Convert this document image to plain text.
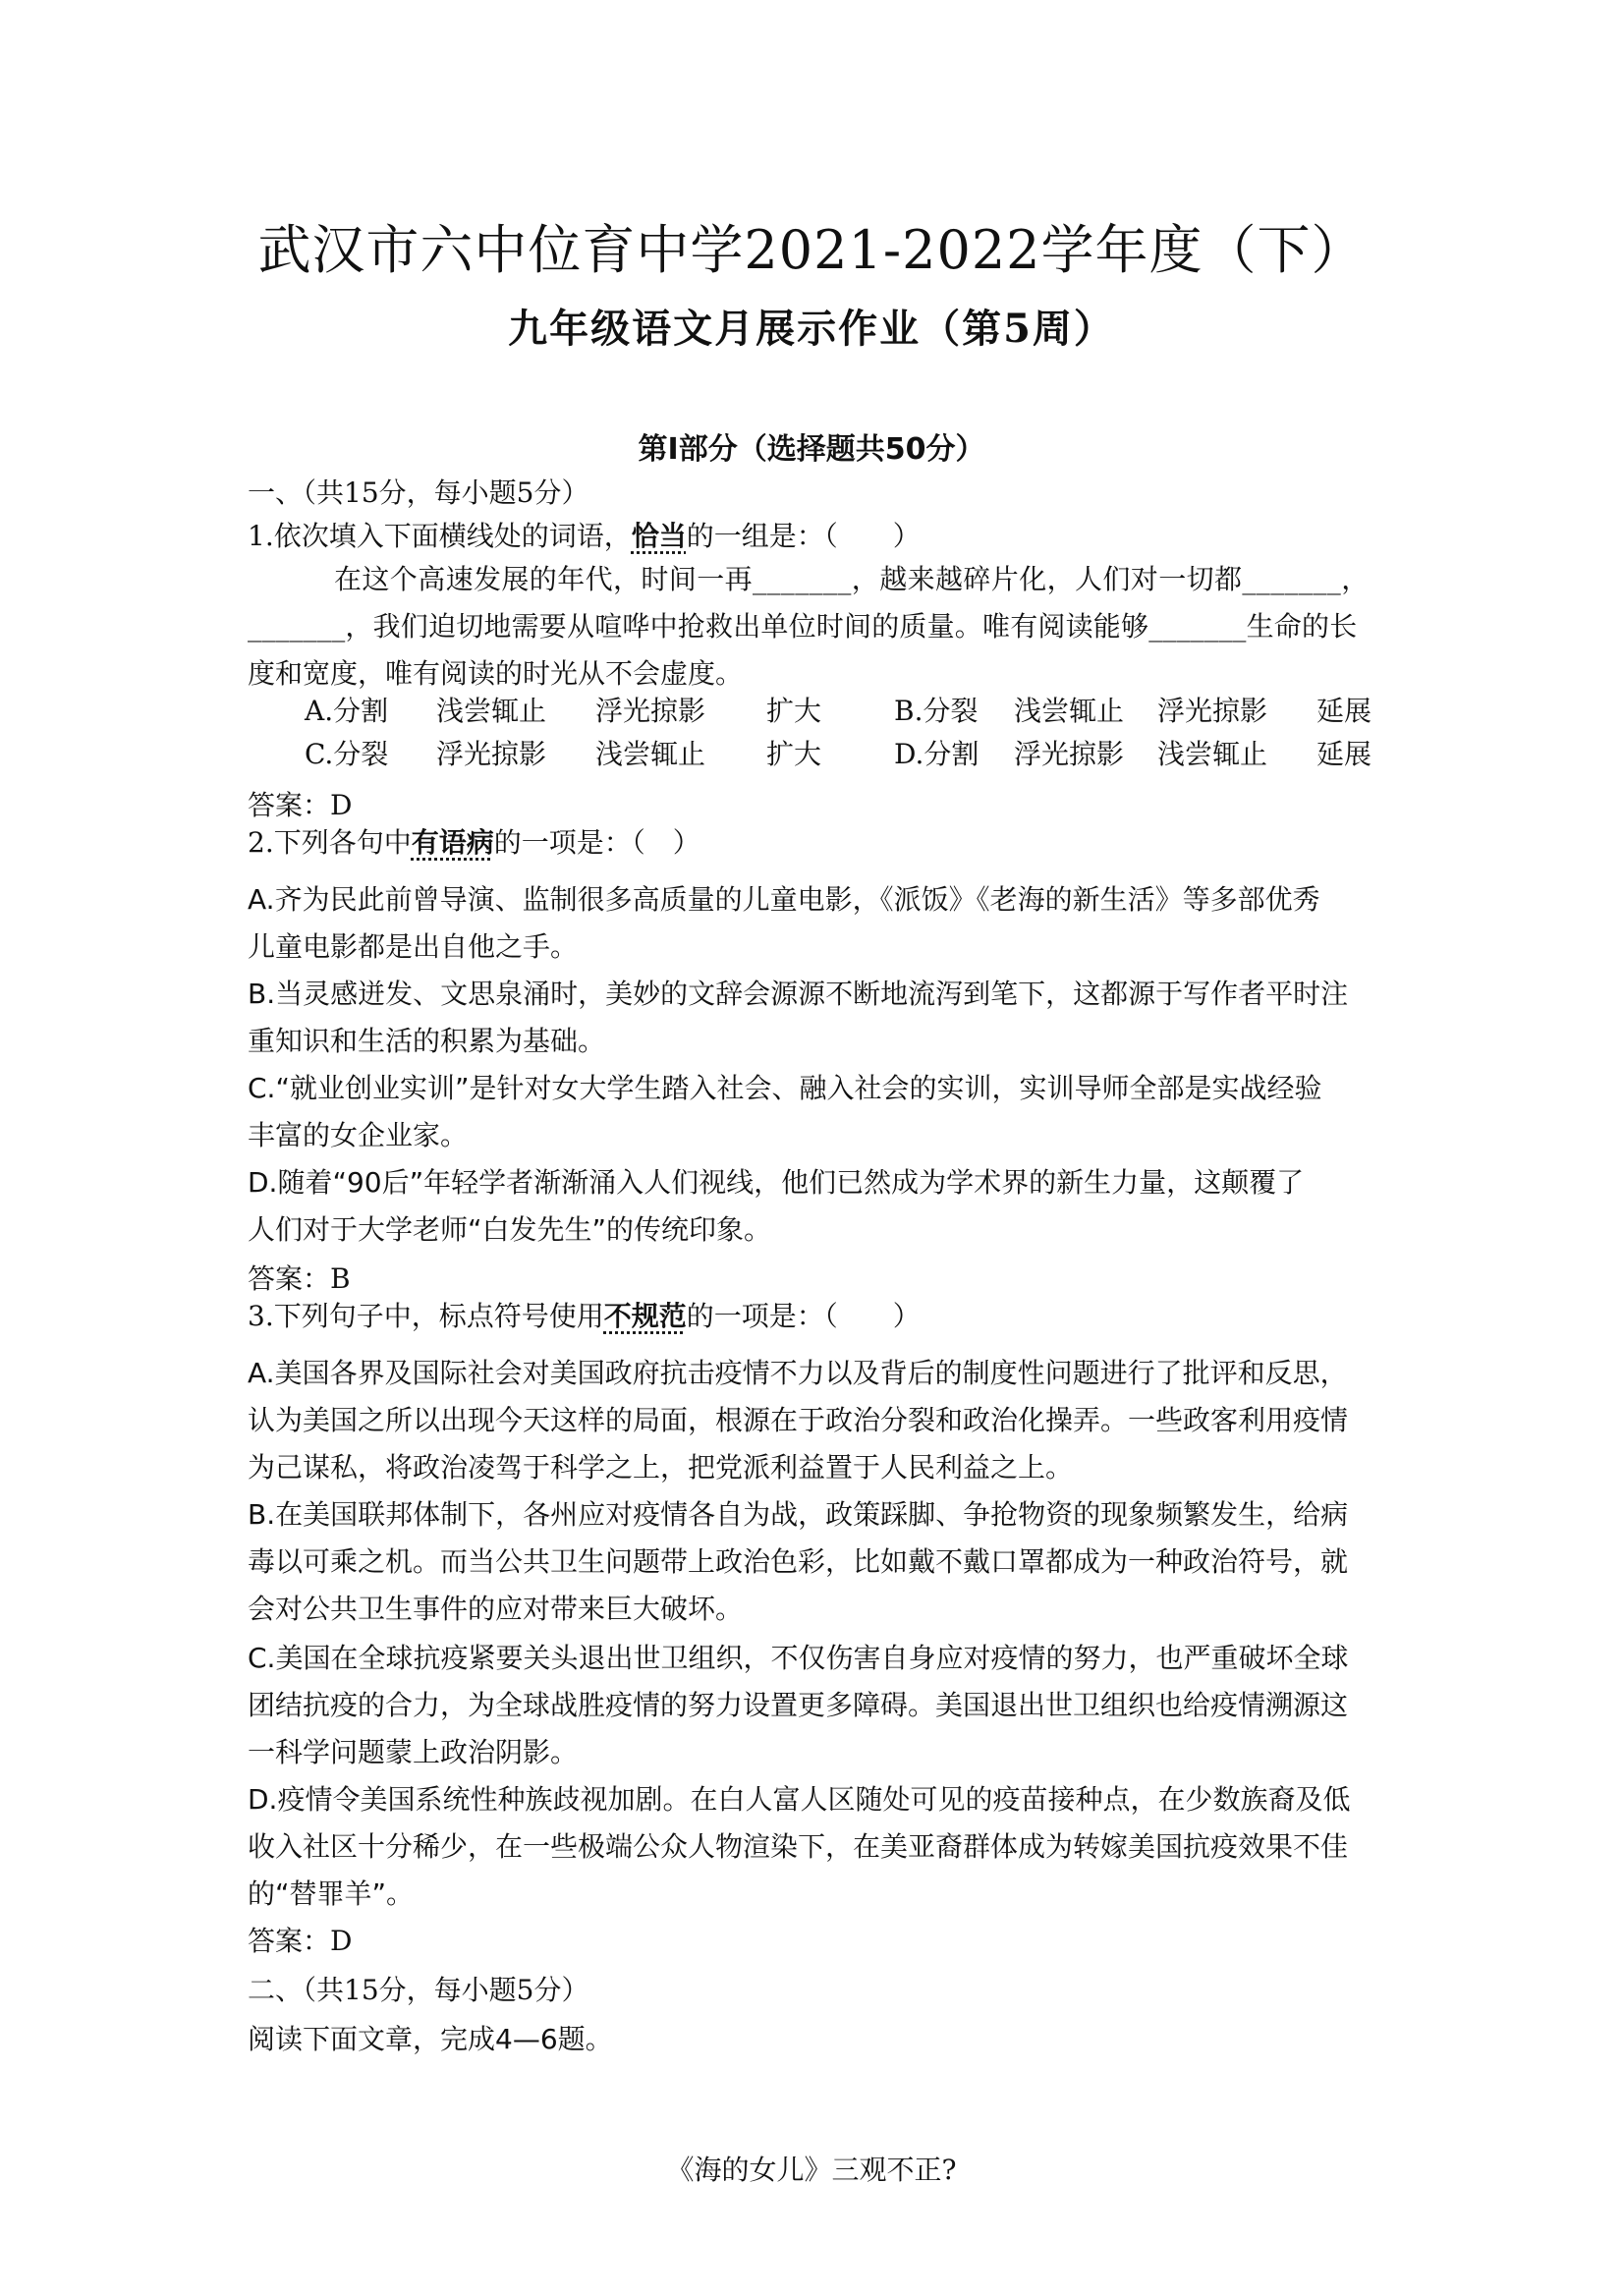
武汉市六中位育中学2021-2022学年度（下）
九年级语文月展示作业（第5周）
第Ⅰ部分（选择题共50分）
一、（共15分，每小题5分）
1.依次填入下面横线处的词语，恰当的一组是：（　　）
在这个高速发展的年代，时间一再_______，越来越碎片化，人们对一切都_______，
_______，我们迫切地需要从喧哗中抢救出单位时间的质量。唯有阅读能够_______生命的长
度和宽度，唯有阅读的时光从不会虚度。
A.分割	浅尝辄止	浮光掠影	扩大	B.分裂	浅尝辄止	浮光掠影	延展
C.分裂	浮光掠影	浅尝辄止	扩大	D.分割	浮光掠影	浅尝辄止	延展
答案：D
2.下列各句中有语病的一项是：（　）
A.齐为民此前曾导演、监制很多高质量的儿童电影，《派饭》《老海的新生活》等多部优秀
儿童电影都是出自他之手。
B.当灵感迸发、文思泉涌时，美妙的文辞会源源不断地流泻到笔下，这都源于写作者平时注
重知识和生活的积累为基础。
C.“就业创业实训”是针对女大学生踏入社会、融入社会的实训，实训导师全部是实战经验
丰富的女企业家。
D.随着“90后”年轻学者渐渐涌入人们视线，他们已然成为学术界的新生力量，这颠覆了
人们对于大学老师“白发先生”的传统印象。
答案：B
3.下列句子中，标点符号使用不规范的一项是：（　　）
A.美国各界及国际社会对美国政府抗击疫情不力以及背后的制度性问题进行了批评和反思，
认为美国之所以出现今天这样的局面，根源在于政治分裂和政治化操弄。一些政客利用疫情
为己谋私，将政治凌驾于科学之上，把党派利益置于人民利益之上。
B.在美国联邦体制下，各州应对疫情各自为战，政策踩脚、争抢物资的现象频繁发生，给病
毒以可乘之机。而当公共卫生问题带上政治色彩，比如戴不戴口罩都成为一种政治符号，就
会对公共卫生事件的应对带来巨大破坏。
C.美国在全球抗疫紧要关头退出世卫组织，不仅伤害自身应对疫情的努力，也严重破坏全球
团结抗疫的合力，为全球战胜疫情的努力设置更多障碍。美国退出世卫组织也给疫情溯源这
一科学问题蒙上政治阴影。
D.疫情令美国系统性种族歧视加剧。在白人富人区随处可见的疫苗接种点，在少数族裔及低
收入社区十分稀少，在一些极端公众人物渲染下，在美亚裔群体成为转嫁美国抗疫效果不佳
的“替罪羊”。
答案：D
二、（共15分，每小题5分）
阅读下面文章，完成4—6题。
《海的女儿》三观不正?
